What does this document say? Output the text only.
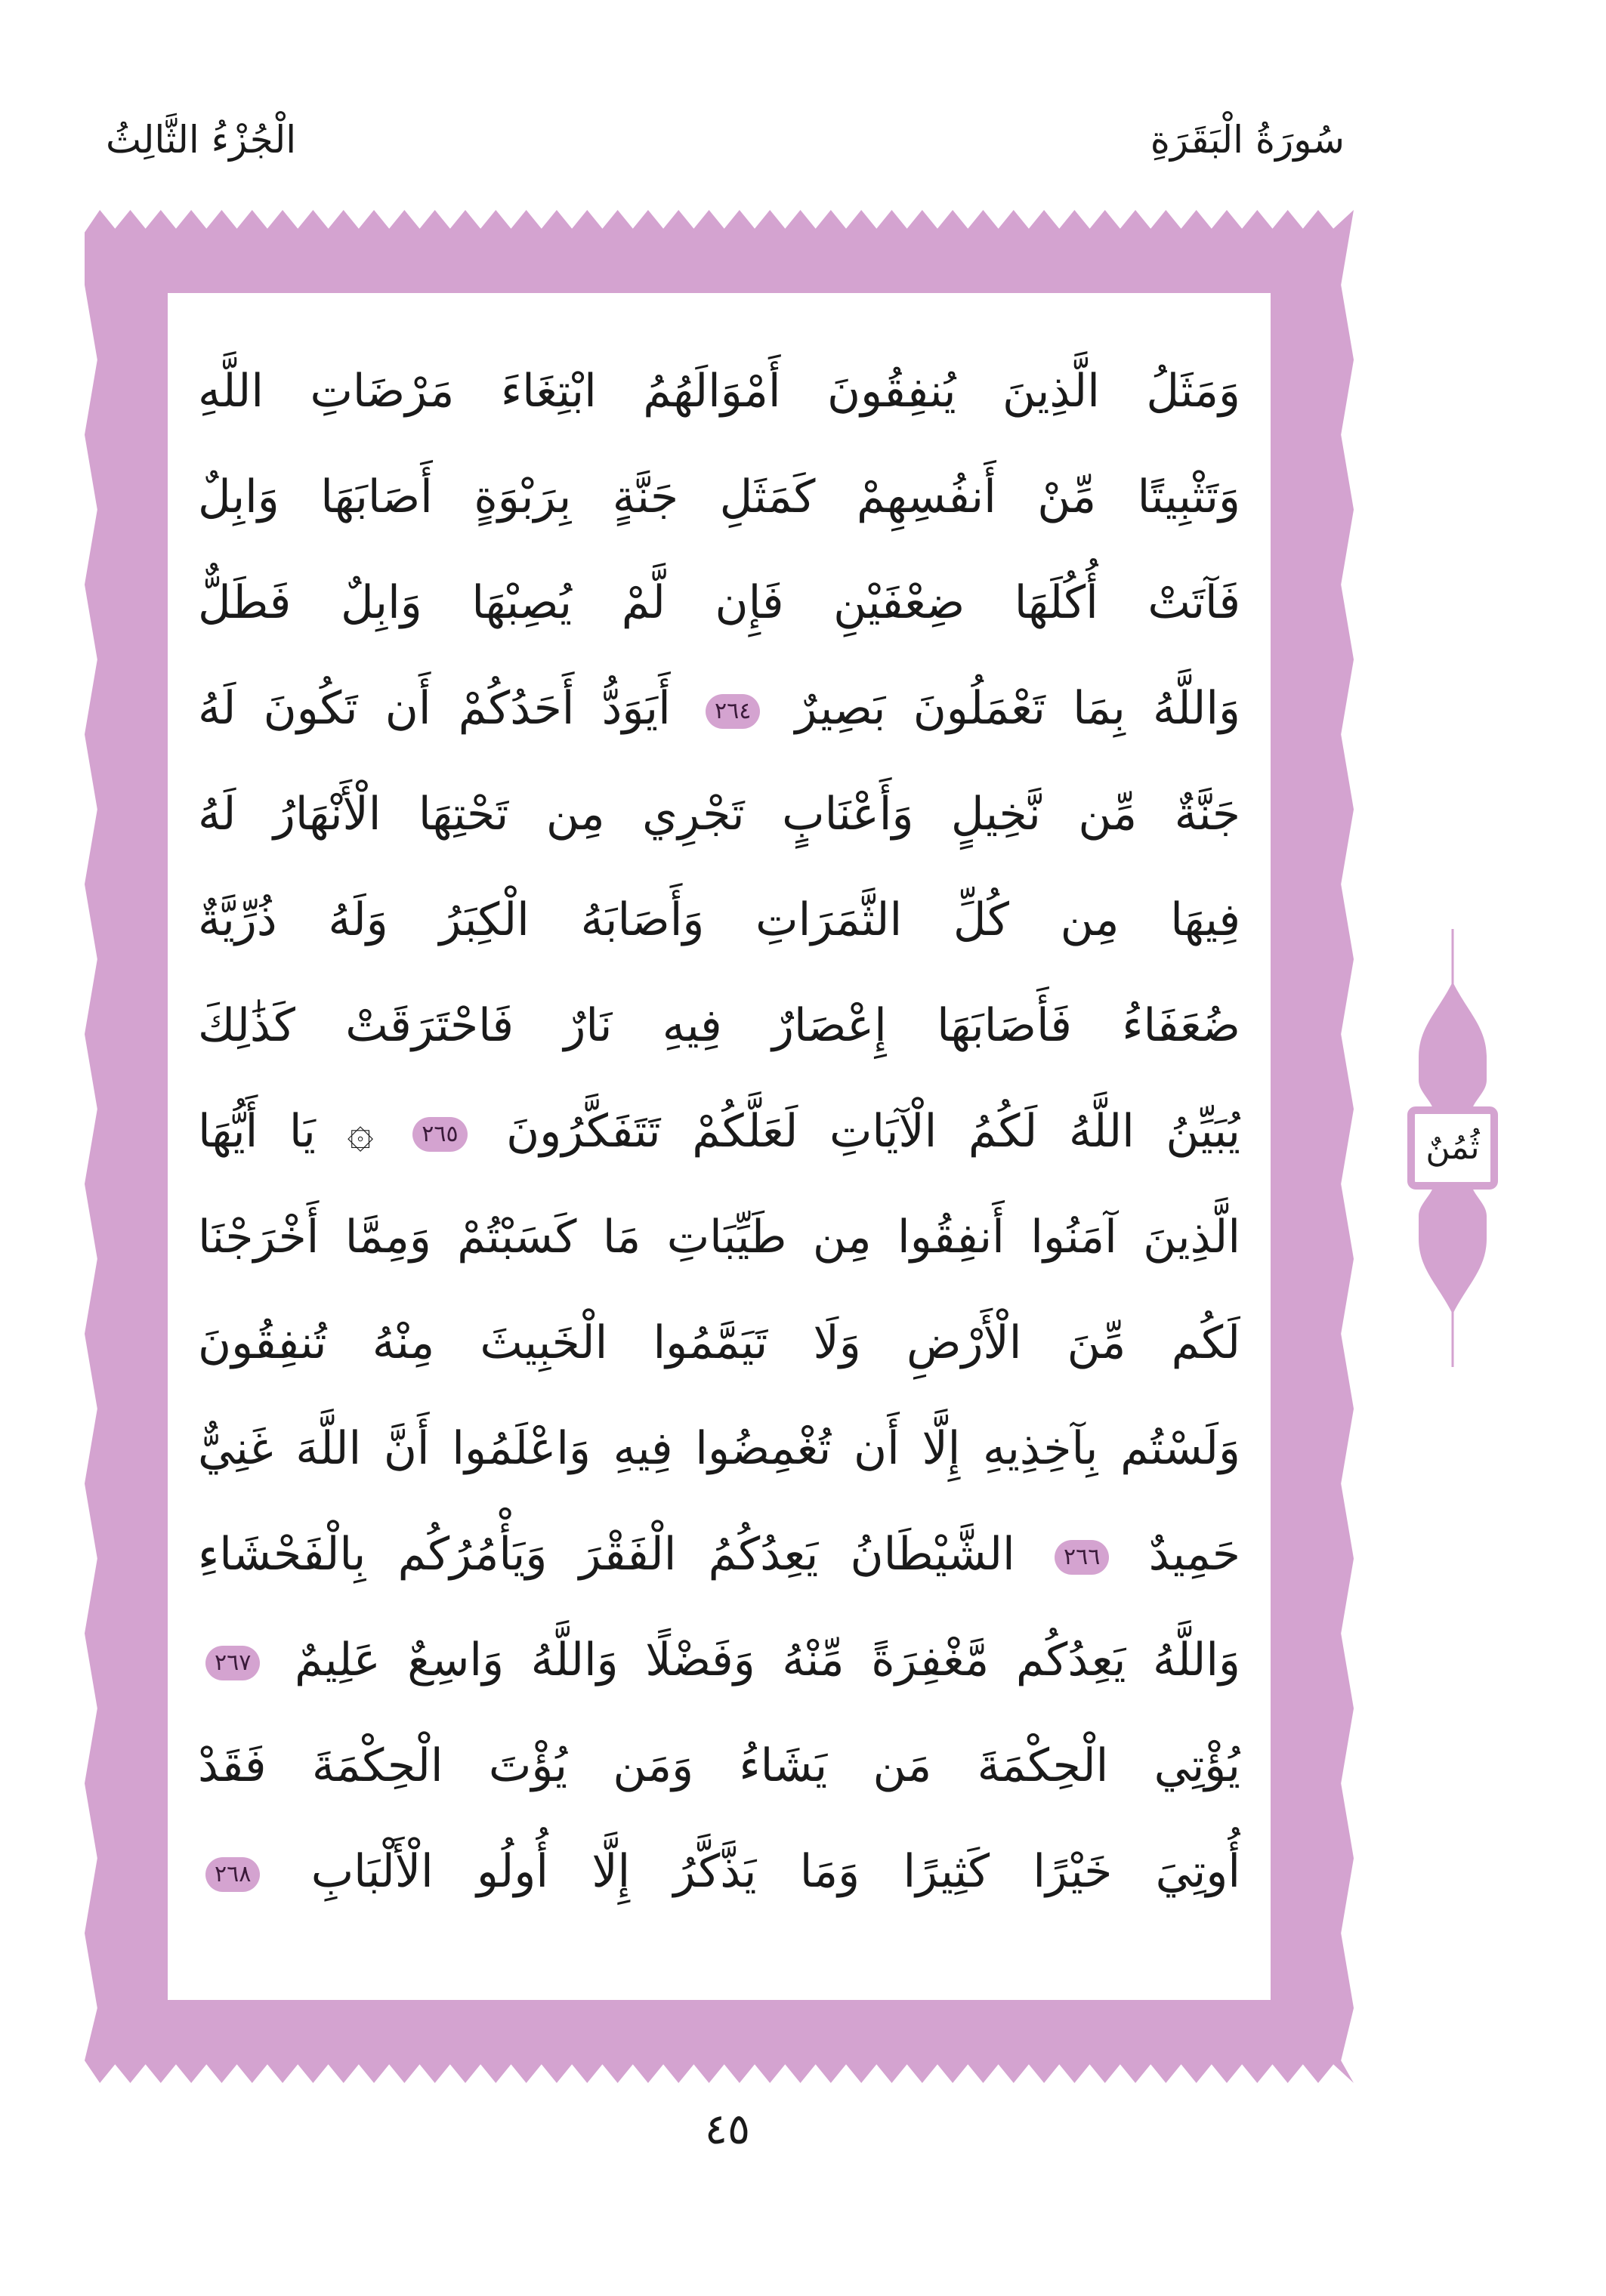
سُورَةُ الْبَقَرَةِ
الْجُزْءُ الثَّالِثُ
وَمَثَلُ الَّذِينَ يُنفِقُونَ أَمْوَالَهُمُ ابْتِغَاءَ مَرْضَاتِ اللَّهِ
وَتَثْبِيتًا مِّنْ أَنفُسِهِمْ كَمَثَلِ جَنَّةٍ بِرَبْوَةٍ أَصَابَهَا وَابِلٌ
فَآتَتْ أُكُلَهَا ضِعْفَيْنِ فَإِن لَّمْ يُصِبْهَا وَابِلٌ فَطَلٌّ
وَاللَّهُ بِمَا تَعْمَلُونَ بَصِيرٌ ٢٦٤ أَيَوَدُّ أَحَدُكُمْ أَن تَكُونَ لَهُ
جَنَّةٌ مِّن نَّخِيلٍ وَأَعْنَابٍ تَجْرِي مِن تَحْتِهَا الْأَنْهَارُ لَهُ
فِيهَا مِن كُلِّ الثَّمَرَاتِ وَأَصَابَهُ الْكِبَرُ وَلَهُ ذُرِّيَّةٌ
ضُعَفَاءُ فَأَصَابَهَا إِعْصَارٌ فِيهِ نَارٌ فَاحْتَرَقَتْ كَذَٰلِكَ
يُبَيِّنُ اللَّهُ لَكُمُ الْآيَاتِ لَعَلَّكُمْ تَتَفَكَّرُونَ ٢٦٥ ۞ يَا أَيُّهَا
الَّذِينَ آمَنُوا أَنفِقُوا مِن طَيِّبَاتِ مَا كَسَبْتُمْ وَمِمَّا أَخْرَجْنَا
لَكُم مِّنَ الْأَرْضِ وَلَا تَيَمَّمُوا الْخَبِيثَ مِنْهُ تُنفِقُونَ
وَلَسْتُم بِآخِذِيهِ إِلَّا أَن تُغْمِضُوا فِيهِ وَاعْلَمُوا أَنَّ اللَّهَ غَنِيٌّ
حَمِيدٌ ٢٦٦ الشَّيْطَانُ يَعِدُكُمُ الْفَقْرَ وَيَأْمُرُكُم بِالْفَحْشَاءِ
وَاللَّهُ يَعِدُكُم مَّغْفِرَةً مِّنْهُ وَفَضْلًا وَاللَّهُ وَاسِعٌ عَلِيمٌ ٢٦٧
يُؤْتِي الْحِكْمَةَ مَن يَشَاءُ وَمَن يُؤْتَ الْحِكْمَةَ فَقَدْ
أُوتِيَ خَيْرًا كَثِيرًا وَمَا يَذَّكَّرُ إِلَّا أُولُو الْأَلْبَابِ ٢٦٨
ثُمُنٌ
٤٥
